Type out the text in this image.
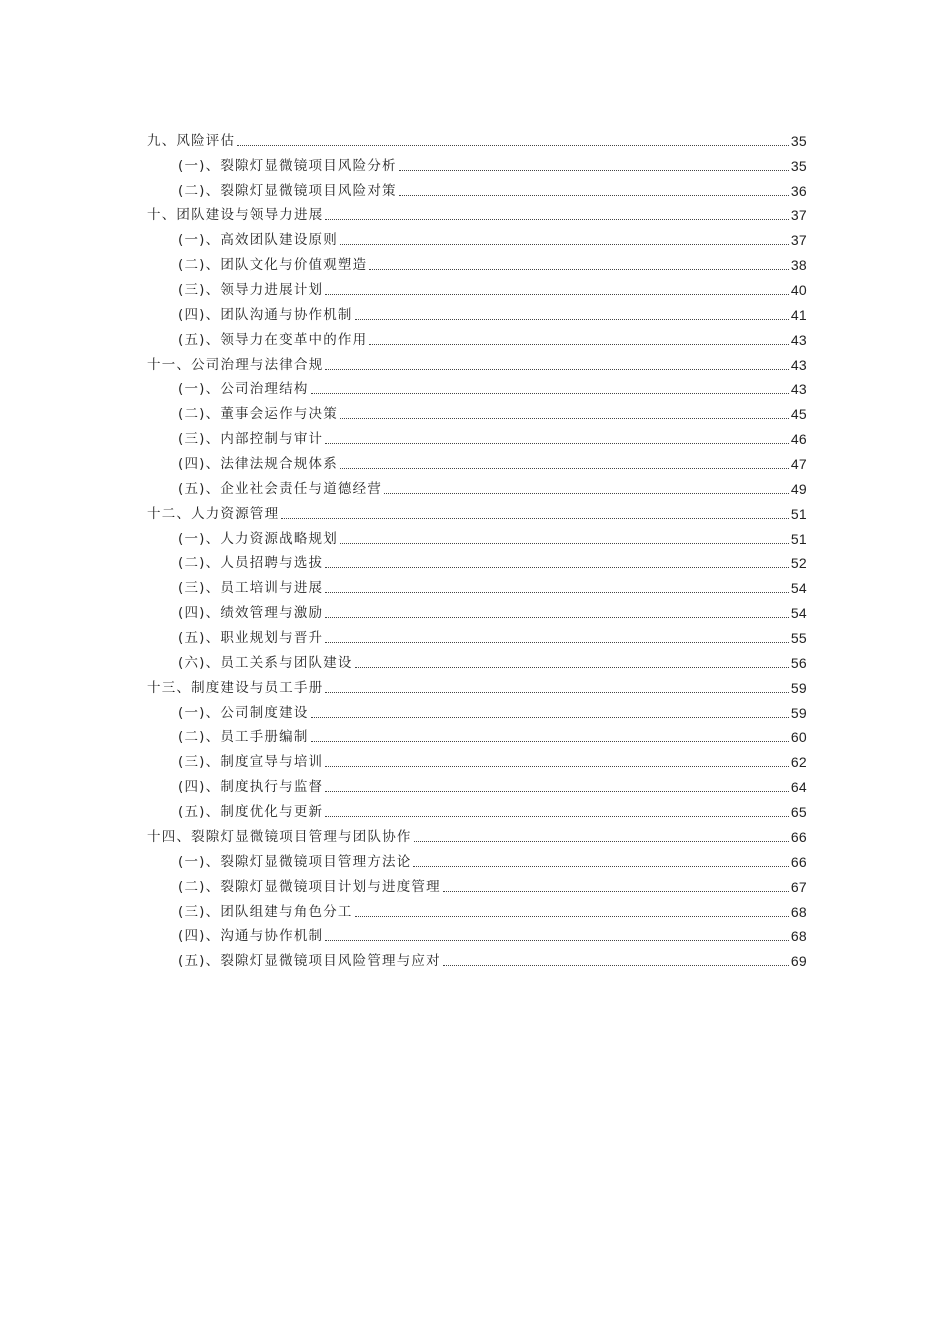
九、风险评估	35
(一)、裂隙灯显微镜项目风险分析	35
(二)、裂隙灯显微镜项目风险对策	36
十、团队建设与领导力进展	37
(一)、高效团队建设原则	37
(二)、团队文化与价值观塑造	38
(三)、领导力进展计划	40
(四)、团队沟通与协作机制	41
(五)、领导力在变革中的作用	43
十一、公司治理与法律合规	43
(一)、公司治理结构	43
(二)、董事会运作与决策	45
(三)、内部控制与审计	46
(四)、法律法规合规体系	47
(五)、企业社会责任与道德经营	49
十二、人力资源管理	51
(一)、人力资源战略规划	51
(二)、人员招聘与选拔	52
(三)、员工培训与进展	54
(四)、绩效管理与激励	54
(五)、职业规划与晋升	55
(六)、员工关系与团队建设	56
十三、制度建设与员工手册	59
(一)、公司制度建设	59
(二)、员工手册编制	60
(三)、制度宣导与培训	62
(四)、制度执行与监督	64
(五)、制度优化与更新	65
十四、裂隙灯显微镜项目管理与团队协作	66
(一)、裂隙灯显微镜项目管理方法论	66
(二)、裂隙灯显微镜项目计划与进度管理	67
(三)、团队组建与角色分工	68
(四)、沟通与协作机制	68
(五)、裂隙灯显微镜项目风险管理与应对	69
